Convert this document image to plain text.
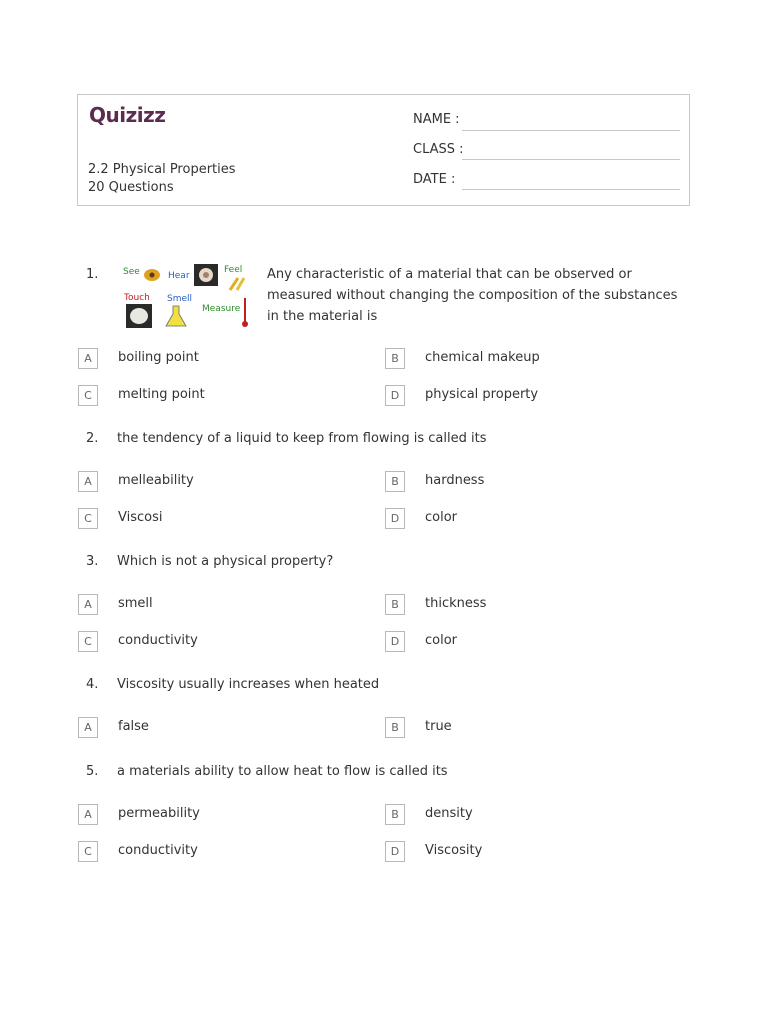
Quizizz
2.2 Physical Properties
20 Questions
NAME :
CLASS :
DATE :
1.	See	Hear
Feel
Touch Smell
Measure
Any characteristic of a material that can be observed or measured without changing the composition of the substances in the material is
A	boiling point	B	chemical makeup
C	melting point	D	physical property
2. the tendency of a liquid to keep from flowing is called its
A	melleability	B	hardness
C	Viscosi	D	color
3. Which is not a physical property?
A	smell	B	thickness
C	conductivity	D	color
4. Viscosity usually increases when heated
A	false	B	true
5. a materials ability to allow heat to flow is called its
A	permeability	B	density
C	conductivity	D	Viscosity
